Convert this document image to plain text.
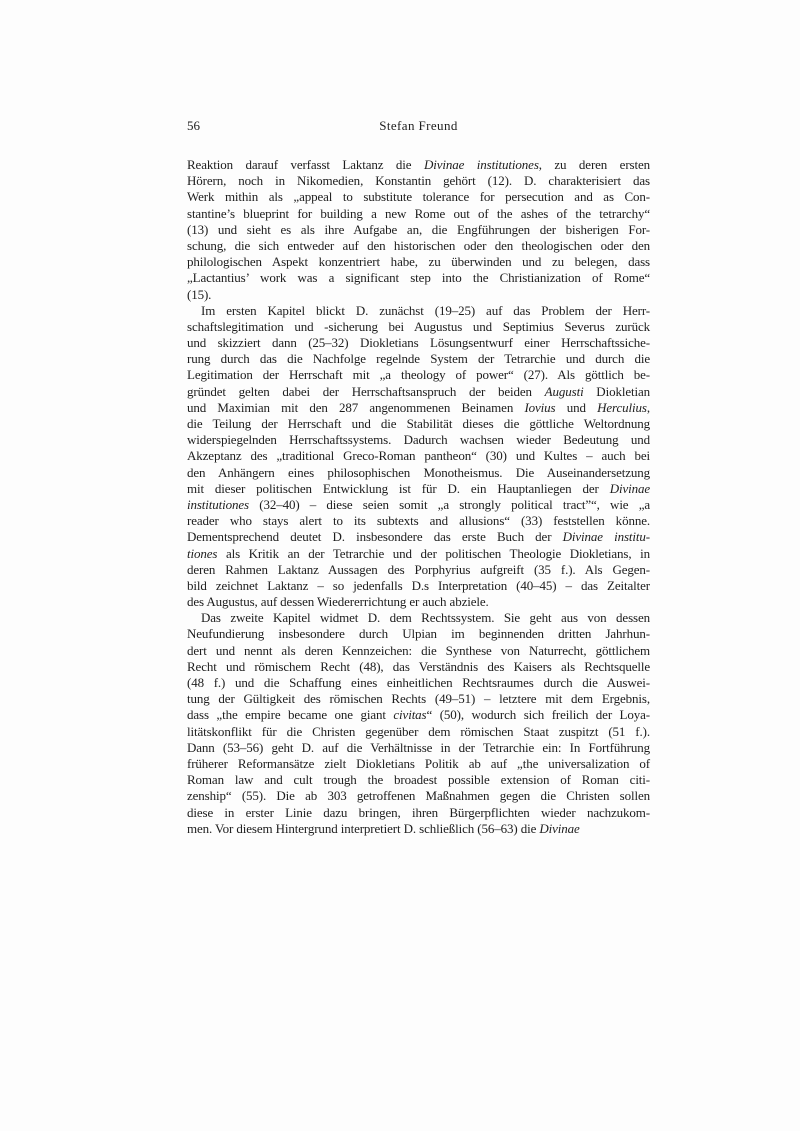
56	Stefan Freund
Reaktion darauf verfasst Laktanz die Divinae institutiones, zu deren ersten
Hörern, noch in Nikomedien, Konstantin gehört (12). D. charakterisiert das
Werk mithin als „appeal to substitute tolerance for persecution and as Con-
stantine’s blueprint for building a new Rome out of the ashes of the tetrarchy“
(13) und sieht es als ihre Aufgabe an, die Engführungen der bisherigen For-
schung, die sich entweder auf den historischen oder den theologischen oder den
philologischen Aspekt konzentriert habe, zu überwinden und zu belegen, dass
„Lactantius’ work was a significant step into the Christianization of Rome“
(15).
Im ersten Kapitel blickt D. zunächst (19–25) auf das Problem der Herr-
schaftslegitimation und -sicherung bei Augustus und Septimius Severus zurück
und skizziert dann (25–32) Diokletians Lösungsentwurf einer Herrschaftssiche-
rung durch das die Nachfolge regelnde System der Tetrarchie und durch die
Legitimation der Herrschaft mit „a theology of power“ (27). Als göttlich be-
gründet gelten dabei der Herrschaftsanspruch der beiden Augusti Diokletian
und Maximian mit den 287 angenommenen Beinamen Iovius und Herculius,
die Teilung der Herrschaft und die Stabilität dieses die göttliche Weltordnung
widerspiegelnden Herrschaftssystems. Dadurch wachsen wieder Bedeutung und
Akzeptanz des „traditional Greco-Roman pantheon“ (30) und Kultes – auch bei
den Anhängern eines philosophischen Monotheismus. Die Auseinandersetzung
mit dieser politischen Entwicklung ist für D. ein Hauptanliegen der Divinae
institutiones (32–40) – diese seien somit „a strongly political tract”“, wie „a
reader who stays alert to its subtexts and allusions“ (33) feststellen könne.
Dementsprechend deutet D. insbesondere das erste Buch der Divinae institu-
tiones als Kritik an der Tetrarchie und der politischen Theologie Diokletians, in
deren Rahmen Laktanz Aussagen des Porphyrius aufgreift (35 f.). Als Gegen-
bild zeichnet Laktanz – so jedenfalls D.s Interpretation (40–45) – das Zeitalter
des Augustus, auf dessen Wiedererrichtung er auch abziele.
Das zweite Kapitel widmet D. dem Rechtssystem. Sie geht aus von dessen
Neufundierung insbesondere durch Ulpian im beginnenden dritten Jahrhun-
dert und nennt als deren Kennzeichen: die Synthese von Naturrecht, göttlichem
Recht und römischem Recht (48), das Verständnis des Kaisers als Rechtsquelle
(48 f.) und die Schaffung eines einheitlichen Rechtsraumes durch die Auswei-
tung der Gültigkeit des römischen Rechts (49–51) – letztere mit dem Ergebnis,
dass „the empire became one giant civitas“ (50), wodurch sich freilich der Loya-
litätskonflikt für die Christen gegenüber dem römischen Staat zuspitzt (51 f.).
Dann (53–56) geht D. auf die Verhältnisse in der Tetrarchie ein: In Fortführung
früherer Reformansätze zielt Diokletians Politik ab auf „the universalization of
Roman law and cult trough the broadest possible extension of Roman citi-
zenship“ (55). Die ab 303 getroffenen Maßnahmen gegen die Christen sollen
diese in erster Linie dazu bringen, ihren Bürgerpflichten wieder nachzukom-
men. Vor diesem Hintergrund interpretiert D. schließlich (56–63) die Divinae
